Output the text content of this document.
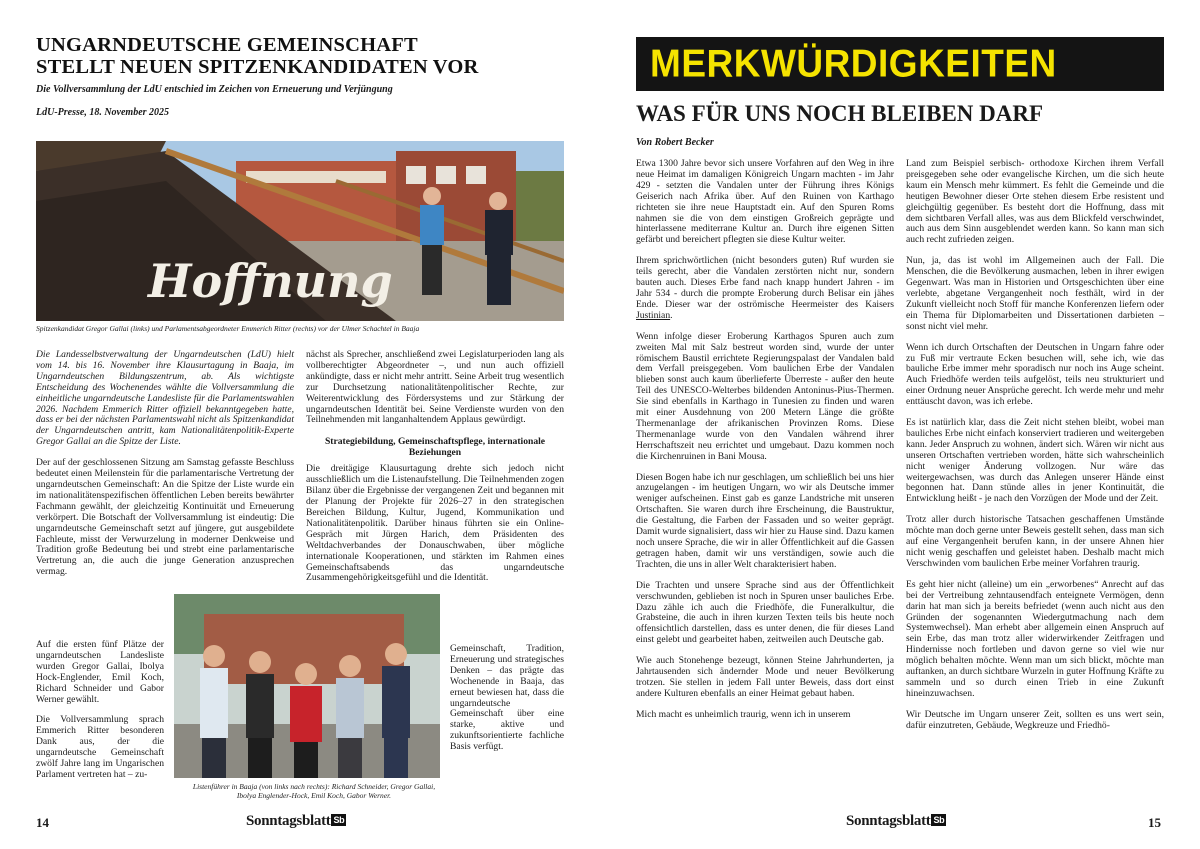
UNGARNDEUTSCHE GEMEINSCHAFT
STELLT NEUEN SPITZENKANDIDATEN VOR
Die Vollversammlung der LdU entschied im Zeichen von Erneuerung und Verjüngung
LdU-Presse, 18. November 2025
Hoffnung
Spitzenkandidat Gregor Gallai (links) und Parlamentsabgeordneter Emmerich Ritter (rechts) vor der Ulmer Schachtel in Baaja

Die Landesselbstverwaltung der Ungarndeutschen (LdU) hielt vom 14. bis 16. November ihre Klausurtagung in Baaja, im Ungarndeutschen Bildungszentrum, ab. Als wichtigste Entscheidung des Wochenendes wählte die Vollversammlung die einheitliche ungarndeutsche Landesliste für die Parlamentswahlen 2026. Nachdem Emmerich Ritter offiziell bekanntgegeben hatte, dass er bei der nächsten Parlamentswahl nicht als Spitzenkandidat der Ungarndeutschen antritt, kam Nationalitätenpolitik-Experte Gregor Gallai an die Spitze der Liste.

Der auf der geschlossenen Sitzung am Samstag gefasste Beschluss bedeutet einen Meilenstein für die parlamentarische Vertretung der ungarndeutschen Gemeinschaft: An die Spitze der Liste wurde ein im nationalitätenspezifischen öffentlichen Leben bereits bewährter Fachmann gewählt, der gleichzeitig Kontinuität und Erneuerung verkörpert. Die Botschaft der Vollversammlung ist eindeutig: Die ungarndeutsche Gemeinschaft setzt auf jüngere, gut ausgebildete Fachleute, misst der Verwurzelung in moderner Denkweise und Tradition große Bedeutung bei und strebt eine parlamentarische Vertretung an, die auch die junge Generation anzusprechen vermag.

Auf die ersten fünf Plätze der ungarndeutschen Landesliste wurden Gregor Gallai, Ibolya Hock-Englender, Emil Koch, Richard Schneider und Gabor Werner gewählt.

Die Vollversammlung sprach Emmerich Ritter besonderen Dank aus, der die ungarndeutsche Gemeinschaft zwölf Jahre lang im Ungarischen Parlament vertreten hat – zu-

nächst als Sprecher, anschließend zwei Legislaturperioden lang als vollberechtigter Abgeordneter –, und nun auch offiziell ankündigte, dass er nicht mehr antritt. Seine Arbeit trug wesentlich zur Durchsetzung nationalitätenpolitischer Rechte, zur Weiterentwicklung des Fördersystems und zur Stärkung der ungarndeutschen Identität bei. Seine Verdienste wurden von den Teilnehmenden mit langanhaltendem Applaus gewürdigt.

Strategiebildung, Gemeinschaftspflege, internationale Beziehungen

Die dreitägige Klausurtagung drehte sich jedoch nicht ausschließlich um die Listenaufstellung. Die Teilnehmenden zogen Bilanz über die Ergebnisse der vergangenen Zeit und begannen mit der Planung der Projekte für 2026–27 in den strategischen Bereichen Bildung, Kultur, Jugend, Kommunikation und Nationalitätenpolitik. Darüber hinaus führten sie ein Online-Gespräch mit Jürgen Harich, dem Präsidenten des Weltdachverbandes der Donauschwaben, über mögliche internationale Kooperationen, und stärkten im Rahmen eines Gemeinschaftsabends das ungarndeutsche Zusammengehörigkeitsgefühl und die Identität.

Gemeinschaft, Tradition, Erneuerung und strategisches Denken – das prägte das Wochenende in Baaja, das erneut bewiesen hat, dass die ungarndeutsche Gemeinschaft über eine starke, aktive und zukunftsorientierte fachliche Basis verfügt.

Listenführer in Baaja (von links nach rechts): Richard Schneider, Gregor Gallai,
Ibolya Englender-Hock, Emil Koch, Gabor Werner.
14	Sonntagsblatt Sb
MERKWÜRDIGKEITEN
WAS FÜR UNS NOCH BLEIBEN DARF
Von Robert Becker

Etwa 1300 Jahre bevor sich unsere Vorfahren auf den Weg in ihre neue Heimat im damaligen Königreich Ungarn machten - im Jahr 429 - setzten die Vandalen unter der Führung ihres Königs Geiserich nach Afrika über. Auf den Ruinen von Karthago richteten sie ihre neue Hauptstadt ein. Auf den Spuren Roms nahmen sie die von dem einstigen Großreich geprägte und hinterlassene mediterrane Kultur an. Durch ihre eigenen Sitten gefärbt und bereichert pflegten sie diese Kultur weiter.

Ihrem sprichwörtlichen (nicht besonders guten) Ruf wurden sie teils gerecht, aber die Vandalen zerstörten nicht nur, sondern bauten auch. Dieses Erbe fand nach knapp hundert Jahren - im Jahr 534 - durch die prompte Eroberung durch Belisar ein jähes Ende. Dieser war der oströmische Heermeister des Kaisers Justinian.

Wenn infolge dieser Eroberung Karthagos Spuren auch zum zweiten Mal mit Salz bestreut worden sind, wurde der unter römischem Baustil errichtete Regierungspalast der Vandalen bald dem Verfall preisgegeben. Vom baulichen Erbe der Vandalen blieben sonst auch kaum überlieferte Überreste - außer den heute Teil des UNESCO-Welterbes bildenden Antoninus-Pius-Thermen. Sie sind ebenfalls in Karthago in Tunesien zu finden und waren mit einer Ausdehnung von 200 Metern Länge die größte Thermenanlage der afrikanischen Provinzen Roms. Diese Thermenanlage wurde von den Vandalen während ihrer Herrschaftszeit neu errichtet und umgebaut. Dazu kommen noch die Kirchenruinen in Bani Mousa.

Diesen Bogen habe ich nur geschlagen, um schließlich bei uns hier anzugelangen - im heutigen Ungarn, wo wir als Deutsche immer weniger aufscheinen. Einst gab es ganze Landstriche mit unseren Ortschaften. Sie waren durch ihre Erscheinung, die Baustruktur, die Gestaltung, die Farben der Fassaden und so weiter geprägt. Damit wurde signalisiert, dass wir hier zu Hause sind. Dazu kamen noch unsere Sprache, die wir in aller Öffentlichkeit auf die Gassen getragen haben, damit wir uns verständigen, sowie auch die Trachten, die uns in aller Welt charakterisiert haben.

Die Trachten und unsere Sprache sind aus der Öffentlichkeit verschwunden, geblieben ist noch in Spuren unser bauliches Erbe. Dazu zähle ich auch die Friedhöfe, die Funeralkultur, die Grabsteine, die auch in ihren kurzen Texten teils bis heute noch offensichtlich darstellen, dass es unter denen, die für dieses Land einst gelebt und gearbeitet haben, zeitweilen auch Deutsche gab.

Wie auch Stonehenge bezeugt, können Steine Jahrhunderten, ja Jahrtausenden sich ändernder Mode und neuer Bevölkerung trotzen. Sie stellen in jedem Fall unter Beweis, dass dort einst andere Kulturen ebenfalls an einer Heimat gebaut haben.

Mich macht es unheimlich traurig, wenn ich in unserem

Land zum Beispiel serbisch- orthodoxe Kirchen ihrem Verfall preisgegeben sehe oder evangelische Kirchen, um die sich heute kaum ein Mensch mehr kümmert. Es fehlt die Gemeinde und die heutigen Bewohner dieser Orte stehen diesem Erbe resistent und gleichgültig gegenüber. Es besteht dort die Hoffnung, dass mit dem sichtbaren Verfall alles, was aus dem Blickfeld verschwindet, auch aus dem Sinn ausgeblendet werden kann. So kann man sich auch recht zufrieden zeigen.

Nun, ja, das ist wohl im Allgemeinen auch der Fall. Die Menschen, die die Bevölkerung ausmachen, leben in ihrer ewigen Gegenwart. Was man in Historien und Ortsgeschichten über eine verlebte, abgetane Vergangenheit noch festhält, wird in der Zukunft vielleicht noch Stoff für manche Konferenzen liefern oder ein Thema für Diplomarbeiten und Dissertationen darbieten – sonst nicht viel mehr.

Wenn ich durch Ortschaften der Deutschen in Ungarn fahre oder zu Fuß mir vertraute Ecken besuchen will, sehe ich, wie das bauliche Erbe immer mehr sporadisch nur noch ins Auge scheint. Auch Friedhöfe werden teils aufgelöst, teils neu strukturiert und einer Ordnung neuer Ansprüche gerecht. Ich werde mehr und mehr enttäuscht davon, was ich erlebe.

Es ist natürlich klar, dass die Zeit nicht stehen bleibt, wobei man bauliches Erbe nicht einfach konserviert tradieren und weitergeben kann. Jeder Anspruch zu wohnen, ändert sich. Wären wir nicht aus unseren Ortschaften vertrieben worden, hätte sich wahrscheinlich nicht weniger Änderung vollzogen. Nur wäre das weitergewachsen, was durch das Anlegen unserer Hände einst begonnen hat. Dann stünde alles in jener Kontinuität, die Entwicklung heißt - je nach den Vorzügen der Mode und der Zeit.

Trotz aller durch historische Tatsachen geschaffenen Umstände möchte man doch gerne unter Beweis gestellt sehen, dass man sich auf eine Vergangenheit berufen kann, in der unsere Ahnen hier nicht wenig geschaffen und geleistet haben. Deshalb macht mich Verschwinden vom baulichen Erbe meiner Vorfahren traurig.

Es geht hier nicht (alleine) um ein „erworbenes“ Anrecht auf das bei der Vertreibung zehntausendfach enteignete Vermögen, denn darin hat man sich ja bereits befriedet (wenn auch nicht aus den Gründen der sogenannten Wiedergutmachung nach dem Systemwechsel). Man erhebt aber allgemein einen Anspruch auf sein Erbe, das man trotz aller widerwirkender Zeitfragen und Hindernisse noch fortleben und davon gerne so viel wie nur möglich behalten möchte. Wenn man um sich blickt, möchte man auftanken, an durch sichtbare Wurzeln in guter Hoffnung Kräfte zu sammeln und so durch einen Trieb in eine Zukunft hineinzuwachsen.

Wir Deutsche im Ungarn unserer Zeit, sollten es uns wert sein, dafür einzutreten, Gebäude, Wegkreuze und Friedhö-

Sonntagsblatt Sb	15
